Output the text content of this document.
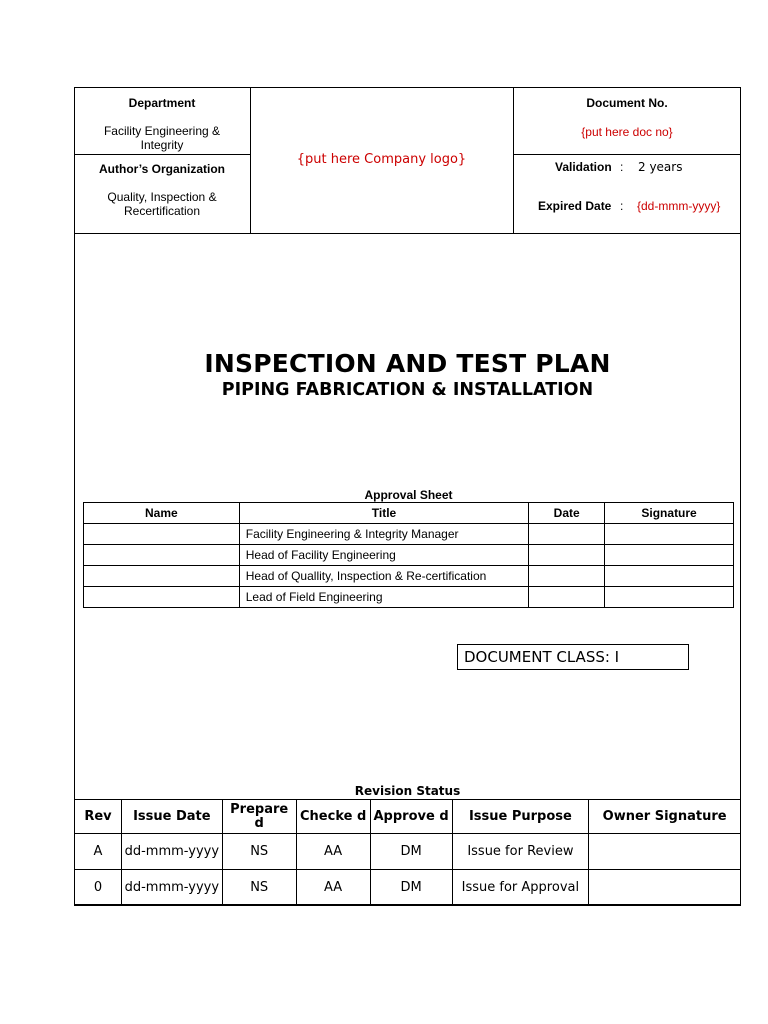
Department
Facility Engineering &
Integrity
Author’s Organization
Quality, Inspection &
Recertification
{put here Company logo}
Document No.
{put here doc no}
Validation : 2 years
Expired Date : {dd-mmm-yyyy}
INSPECTION AND TEST PLAN
PIPING FABRICATION & INSTALLATION
Approval Sheet
Name	Title	Date	Signature
	Facility Engineering & Integrity Manager		
	Head of Facility Engineering		
	Head of Quallity, Inspection & Re-certification		
	Lead of Field Engineering		
DOCUMENT CLASS: I
Revision Status
Rev	Issue Date	Prepare d	Checke d	Approve d	Issue Purpose	Owner Signature
A	dd-mmm-yyyy	NS	AA	DM	Issue for Review	
0	dd-mmm-yyyy	NS	AA	DM	Issue for Approval	
